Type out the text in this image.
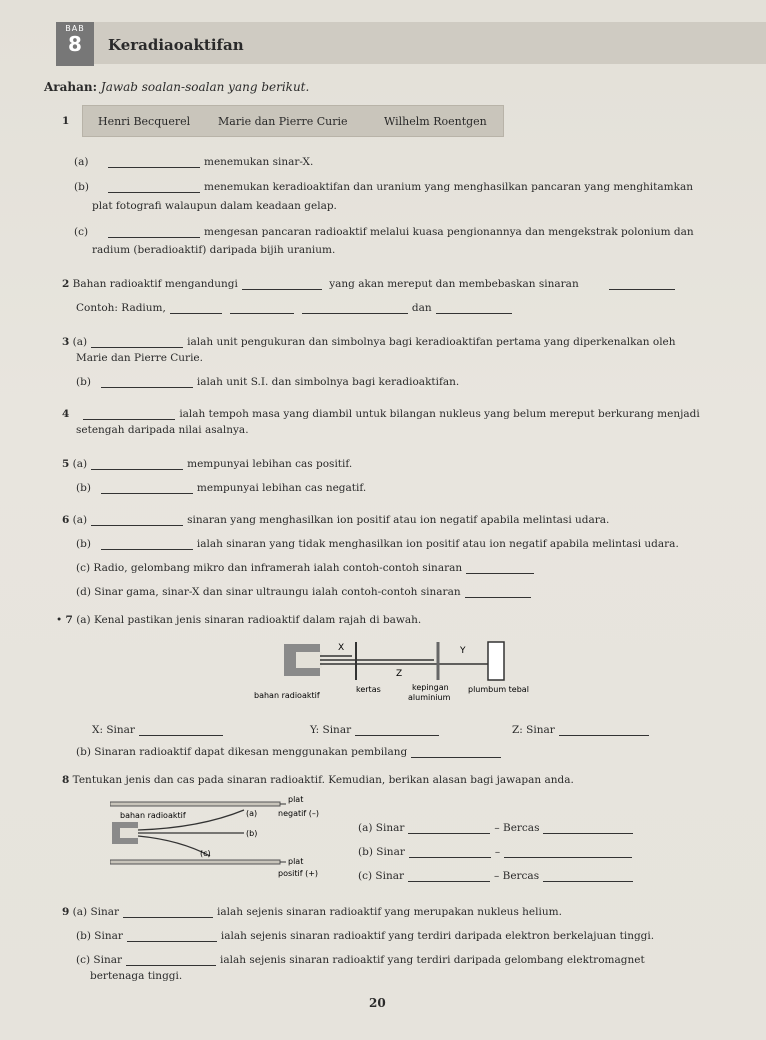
BAB
8	Keradiaoaktifan
Arahan: Jawab soalan-soalan yang berikut.
1	Henri Becquerel	Marie dan Pierre Curie	Wilhelm Roentgen
(a)	menemukan sinar-X.
(b)	menemukan keradioaktifan dan uranium yang menghasilkan pancaran yang menghitamkan
plat fotografi walaupun dalam keadaan gelap.
(c)	mengesan pancaran radioaktif melalui kuasa pengionannya dan mengekstrak polonium dan
radium (beradioaktif) daripada bijih uranium.
2 Bahan radioaktif mengandungi	yang akan mereput dan membebaskan sinaran
Contoh: Radium,	dan
3 (a)	ialah unit pengukuran dan simbolnya bagi keradioaktifan pertama yang diperkenalkan oleh
Marie dan Pierre Curie.
(b)	ialah unit S.I. dan simbolnya bagi keradioaktifan.
4	ialah tempoh masa yang diambil untuk bilangan nukleus yang belum mereput berkurang menjadi
setengah daripada nilai asalnya.
5 (a)	mempunyai lebihan cas positif.
(b)	mempunyai lebihan cas negatif.
6 (a)	sinaran yang menghasilkan ion positif atau ion negatif apabila melintasi udara.
(b)	ialah sinaran yang tidak menghasilkan ion positif atau ion negatif apabila melintasi udara.
(c) Radio, gelombang mikro dan inframerah ialah contoh-contoh sinaran
(d) Sinar gama, sinar-X dan sinar ultraungu ialah contoh-contoh sinaran
• 7 (a) Kenal pastikan jenis sinaran radioaktif dalam rajah di bawah.
X	Y
Z
bahan radioaktif
kertas	kepingan
aluminium
plumbum tebal
X: Sinar	Y: Sinar	Z: Sinar
(b) Sinaran radioaktif dapat dikesan menggunakan pembilang
8 Tentukan jenis dan cas pada sinaran radioaktif. Kemudian, berikan alasan bagi jawapan anda.
bahan radioaktif
plat
negatif (–)
(a)
(b)
(c)
plat
positif (+)
(a) Sinar	– Bercas
(b) Sinar	–
(c) Sinar	– Bercas
9 (a) Sinar	ialah sejenis sinaran radioaktif yang merupakan nukleus helium.
(b) Sinar	ialah sejenis sinaran radioaktif yang terdiri daripada elektron berkelajuan tinggi.
(c) Sinar	ialah sejenis sinaran radioaktif yang terdiri daripada gelombang elektromagnet
bertenaga tinggi.
20
